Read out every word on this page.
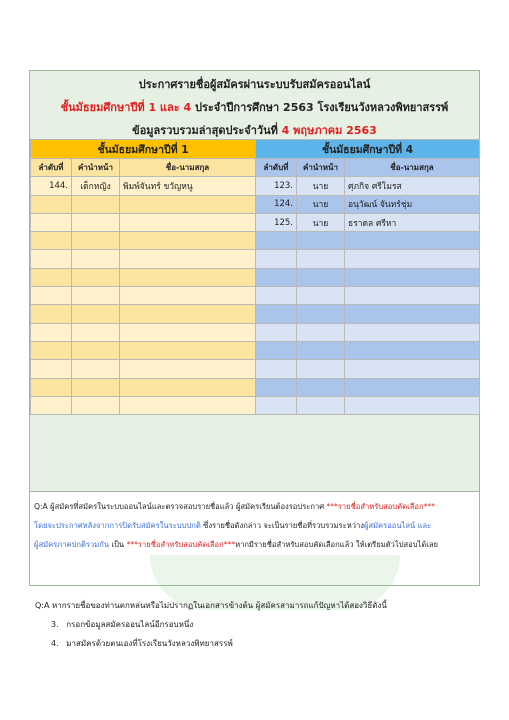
ประกาศรายชื่อผู้สมัครผ่านระบบรับสมัครออนไลน์
ชั้นมัธยมศึกษาปีที่ 1 และ 4 ประจำปีการศึกษา 2563 โรงเรียนวังหลวงพิทยาสรรพ์
ข้อมูลรวบรวมล่าสุดประจำวันที่ 4 พฤษภาคม 2563
ชั้นมัธยมศึกษาปีที่ 1			ชั้นมัธยมศึกษาปีที่ 4		
ลำดับที่	คำนำหน้า	ชื่อ-นามสกุล	ลำดับที่	คำนำหน้า	ชื่อ-นามสกุล
144.	เด็กหญิง	พิมพ์จันทร์ ขวัญหนู	123.	นาย	ศุภกิจ ศรีโมรส
			124.	นาย	อนุวัฒน์ จันทร์ชุ่ม
			125.	นาย	ธราดล ศรีหา

Q:A ผู้สมัครที่สมัครในระบบออนไลน์และตรวจสอบรายชื่อแล้ว ผู้สมัครเรียนต้องรอประกาศ ***รายชื่อสำหรับสอบคัดเลือก***
โดยจะประกาศหลังจากการปิดรับสมัครในระบบปกติ ซึ่งรายชื่อดังกล่าว จะเป็นรายชื่อที่รวบรวมระหว่างผู้สมัครออนไลน์ และ
ผู้สมัครภาคปกติรวมกัน เป็น ***รายชื่อสำหรับสอบคัดเลือก***หากมีรายชื่อสำหรับสอบคัดเลือกแล้ว ให้เตรียมตัวไปสอบได้เลย
Q:A หากรายชื่อของท่านตกหล่นหรือไม่ปรากฏในเอกสารข้างต้น ผู้สมัครสามารถแก้ปัญหาได้สองวิธีดังนี้
3.   กรอกข้อมูลสมัครออนไลน์อีกรอบหนึ่ง
4.   มาสมัครด้วยตนเองที่โรงเรียนวังหลวงพิทยาสรรพ์
